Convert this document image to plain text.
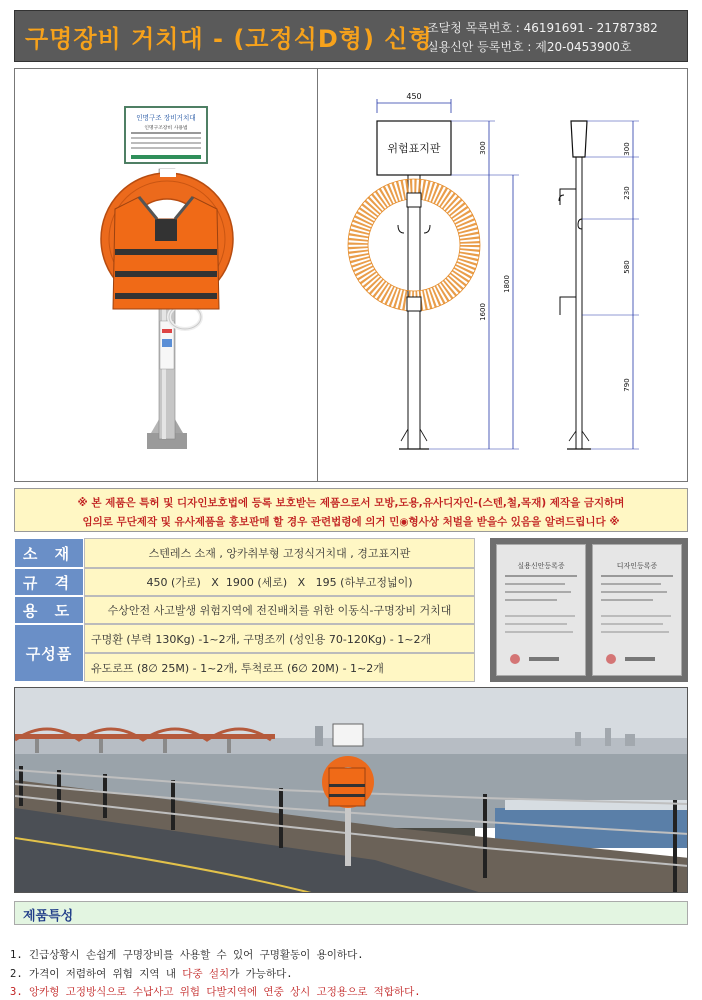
구명장비 거치대 - (고정식D형) 신형
조달청 목록번호 : 46191691 - 21787382
실용신안 등록번호 : 제20-0453900호
인명구조 장비거치대
인명구조장비 사용법
450
위험표지판	300
1600
1800
300
230
580
790
※ 본 제품은 특허 및 디자인보호법에 등록 보호받는 제품으로서 모방,도용,유사디자인-(스텐,철,목재) 제작을 금지하며
임의로 무단제작 및 유사제품을 홍보판매 할 경우 관련법령에 의거 민◉형사상 처벌을 받을수 있음을 알려드립니다 ※
소 재	스텐레스 소재 , 앙카취부형 고정식거치대 , 경고표지판
규 격	450 (가로)   X  1900 (세로)   X   195 (하부고정넓이)
용 도	수상안전 사고발생 위험지역에 전진배치를 위한 이동식-구명장비 거치대
구성품
구명환 (부력 130Kg) -1~2개, 구명조끼 (성인용 70-120Kg) - 1~2개
유도로프 (8∅ 25M) - 1~2개, 투척로프 (6∅ 20M) - 1~2개
실용신안등록증	디자인등록증
제품특성
1. 긴급상황시 손쉽게 구명장비를 사용할 수 있어 구명활동이 용이하다.
2. 가격이 저렴하여 위험 지역 내 다중 설치가 가능하다.
3. 앙카형 고정방식으로 수납사고 위험 다발지역에 연중 상시 고정용으로 적합하다.
